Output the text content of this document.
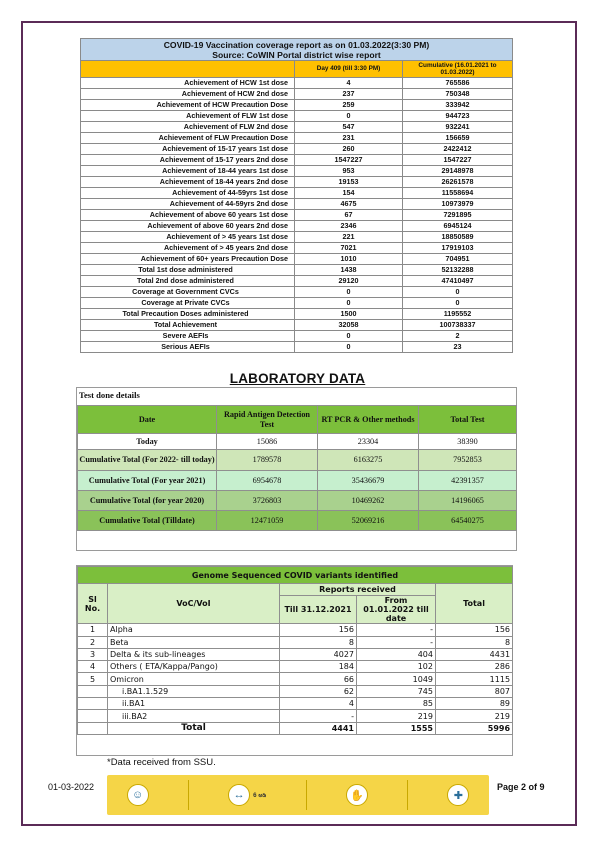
COVID-19 Vaccination coverage report as on 01.03.2022(3:30 PM)
Source: CoWIN Portal district wise report		

	Day 409 (till 3:30 PM)	Cumulative (16.01.2021 to 01.03.2022)
Achievement of HCW 1st dose	4	765586
Achievement of HCW 2nd dose	237	750348
Achievement of HCW Precaution Dose	259	333942
Achievement of FLW 1st dose	0	944723
Achievement of FLW 2nd dose	547	932241
Achievement of FLW Precaution Dose	231	156659
Achievement of 15-17 years 1st dose	260	2422412
Achievement of 15-17 years 2nd dose	1547227	1547227
Achievement of 18-44 years 1st dose	953	29148978
Achievement of 18-44 years 2nd dose	19153	26261578
Achievement of 44-59yrs 1st dose	154	11558694
Achievement of 44-59yrs 2nd dose	4675	10973979
Achievement of above 60 years 1st dose	67	7291895
Achievement of above 60 years 2nd dose	2346	6945124
Achievement of > 45 years 1st dose	221	18850589
Achievement of > 45 years 2nd dose	7021	17919103
Achievement of 60+ years Precaution Dose	1010	704951
Total 1st dose administered	1438	52132288
Total 2nd dose administered	29120	47410497
Coverage at Government CVCs	0	0
Coverage at Private CVCs	0	0
Total Precaution Doses administered	1500	1195552
Total Achievement	32058	100738337
Severe AEFIs	0	2
Serious AEFIs	0	23
LABORATORY DATA
Test done details
Date	Rapid Antigen Detection Test	RT PCR & Other methods	Total Test
Today	15086	23304	38390
Cumulative Total (For 2022- till today)	1789578	6163275	7952853
Cumulative Total (For year 2021)	6954678	35436679	42391357
Cumulative Total (for year 2020)	3726803	10469262	14196065
Cumulative Total (Tilldate)	12471059	52069216	64540275
Genome Sequenced COVID variants identified				
Sl No.	VoC/VoI	Reports received		Total
		Till 31.12.2021	From 01.01.2022 till date	
1	Alpha	156	-	156
2	Beta	8	-	8
3	Delta & its sub-lineages	4027	404	4431
4	Others ( ETA/Kappa/Pango)	184	102	286
5	Omicron	66	1049	1115
	i.BA1.1.529	62	745	807
	ii.BA1	4	85	89
	iii.BA2	-	219	219
	Total	4441	1555	5996
*Data received from SSU.
01-03-2022
☺	↔	6 ಅಡಿ	✋	✚
Page 2 of 9
